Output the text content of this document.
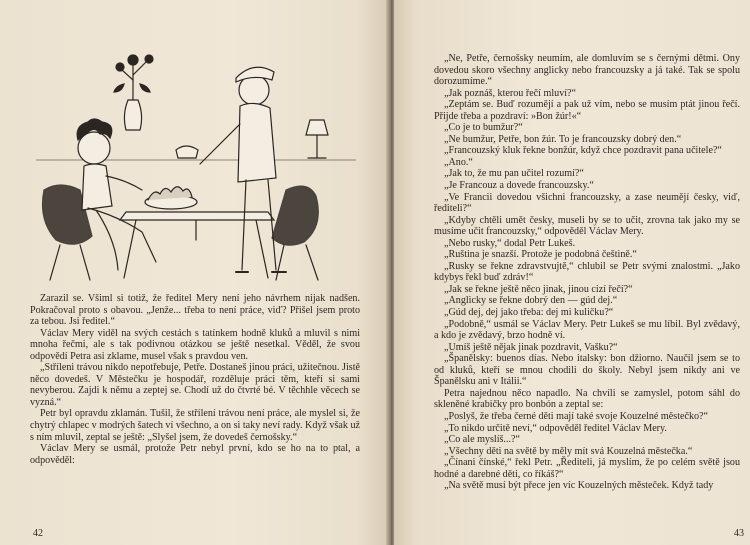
Zarazil se. Všiml si totiž, že ředitel Mery není jeho návrhem nijak nadšen. Pokračoval proto s obavou. „Jenže... třeba to není práce, viď? Přišel jsem proto za tebou. Jsi ředitel.“

Václav Mery viděl na svých cestách s tatínkem hodně kluků a mluvil s nimi mnoha řečmi, ale s tak podivnou otázkou se ještě nesetkal. Věděl, že svou odpovědí Petra asi zklame, musel však s pravdou ven.

„Stříleni trávou nikdo nepotřebuje, Petře. Dostaneš jinou práci, užitečnou. Jistě něco dovedeš. V Městečku je hospodář, rozděluje práci těm, kteří si sami nevyberou. Zajdi k němu a zeptej se. Chodí už do čtvrté bé. V těchhle věcech se vyzná.“

Petr byl opravdu zklamán. Tušil, že střílení trávou není práce, ale myslel si, že chytrý chlapec v modrých šatech ví všechno, a on si taky neví rady. Když však už s ním mluvil, zeptal se ještě: „Slyšel jsem, že dovedeš černošsky.“

Václav Mery se usmál, protože Petr nebyl první, kdo se ho na to ptal, a odpověděl:

42

„Ne, Petře, černošsky neumím, ale domluvím se s černými dětmi. Ony dovedou skoro všechny anglicky nebo francouzsky a já také. Tak se spolu dorozumíme.“

„Jak poznáš, kterou řečí mluví?“

„Zeptám se. Buď rozumějí a pak už vím, nebo se musím ptát jinou řečí. Přijde třeba a pozdraví: »Bon žúr!«“

„Co je to bumžur?“

„Ne bumžur, Petře, bon žúr. To je francouzsky dobrý den.“

„Francouzský kluk řekne bonžúr, když chce pozdravit pana učitele?“

„Ano.“

„Jak to, že mu pan učitel rozumí?“

„Je Francouz a dovede francouzsky.“

„Ve Francii dovedou všichni francouzsky, a zase neumějí česky, viď, řediteli?“

„Kdyby chtěli umět česky, museli by se to učit, zrovna tak jako my se musíme učit francouzsky,“ odpověděl Václav Mery.

„Nebo rusky,“ dodal Petr Lukeš.

„Ruština je snazší. Protože je podobná češtině.“

„Rusky se řekne zdravstvujtě,“ chlubil se Petr svými znalostmi. „Jako kdybys řekl buď zdráv!“

„Jak se řekne ještě něco jinak, jinou cizí řečí?“

„Anglicky se řekne dobrý den — gúd dej.“

„Gúd dej, dej jako třeba: dej mi kuličku?“

„Podobně,“ usmál se Václav Mery. Petr Lukeš se mu líbil. Byl zvědavý, a kdo je zvědavý, brzo hodně ví.

„Umíš ještě nějak jinak pozdravit, Vašku?“

„Španělsky: buenos días. Nebo italsky: bon džiorno. Naučil jsem se to od kluků, kteří se mnou chodili do školy. Nebyl jsem nikdy ani ve Španělsku ani v Itálii.“

Petra najednou něco napadlo. Na chvíli se zamyslel, potom sáhl do skleněné krabičky pro bonbón a zeptal se:

„Poslyš, že třeba černé děti mají také svoje Kouzelné městečko?“

„To nikdo určitě neví,“ odpověděl ředitel Václav Mery.

„Co ale myslíš...?“

„Všechny děti na světě by měly mít svá Kouzelná městečka.“

„Čínani čínské,“ řekl Petr. „Řediteli, já myslím, že po celém světě jsou hodné a darebné děti, co říkáš?“

„Na světě musí být přece jen víc Kouzelných městeček. Když tady

43
